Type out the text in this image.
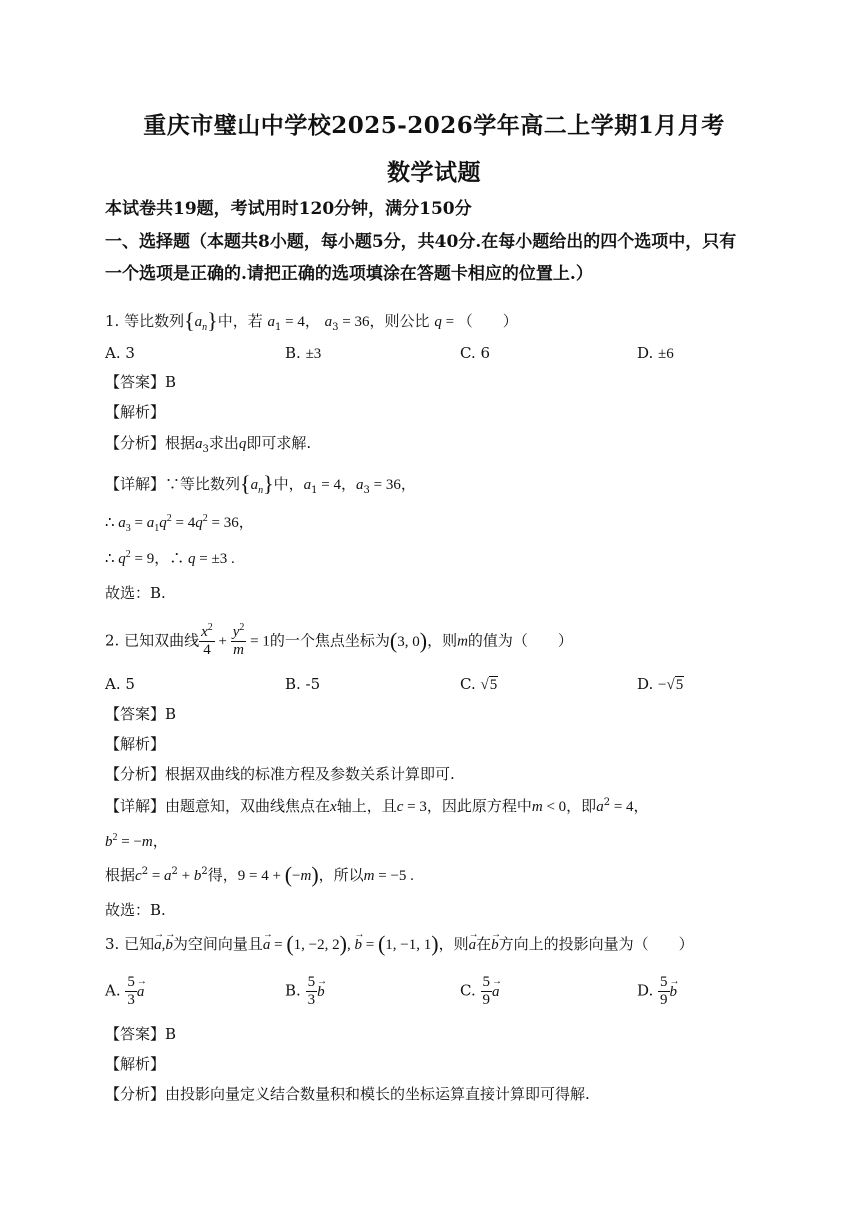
重庆市璧山中学校2025-2026学年高二上学期1月月考
数学试题
本试卷共19题，考试用时120分钟，满分150分
一、选择题（本题共8小题，每小题5分，共40分.在每小题给出的四个选项中，只有
一个选项是正确的.请把正确的选项填涂在答题卡相应的位置上.）
1. 等比数列$\{a_n\}$中，若 $a_1 = 4$， $a_3 = 36$，则公比 q = （　　）
A. 3	B. ±3	C. 6	D. ±6
【答案】B
【解析】
【分析】根据$a_3$求出q即可求解.
【详解】∵等比数列$\{a_n\}$中，$a_1 = 4$，$a_3 = 36$，
∴ $a_3 = a_1q^2 = 4q^2 = 36$，
∴ $q^2 = 9$，∴ q = ±3 .
故选：B.
2. 已知双曲线 $\frac{x^2}{4} + \frac{y^2}{m} = 1$的一个焦点坐标为(3, 0)，则m的值为（　　）
A. 5	B. -5	C. √5	D. −√5
【答案】B
【解析】
【分析】根据双曲线的标准方程及参数关系计算即可.
【详解】由题意知，双曲线焦点在x轴上，且c = 3，因此原方程中m < 0，即$a^2 = 4$，
$b^2 = -m$，
根据$c^2 = a^2 + b^2$得，9 = 4 + (−m)，所以m = −5 .
故选：B.
3. 已知→ a,→ b为空间向量且→ a = (1, −2, 2), → b = (1, −1, 1)，则→ a在→ b方向上的投影向量为（　　）
A. $\frac{5}{3}$
→ a	B. $\frac{5}{3}$
→ b	C. $\frac{5}{9}$
→ a	D. $\frac{5}{9}$
→ b
【答案】B
【解析】
【分析】由投影向量定义结合数量积和模长的坐标运算直接计算即可得解.
